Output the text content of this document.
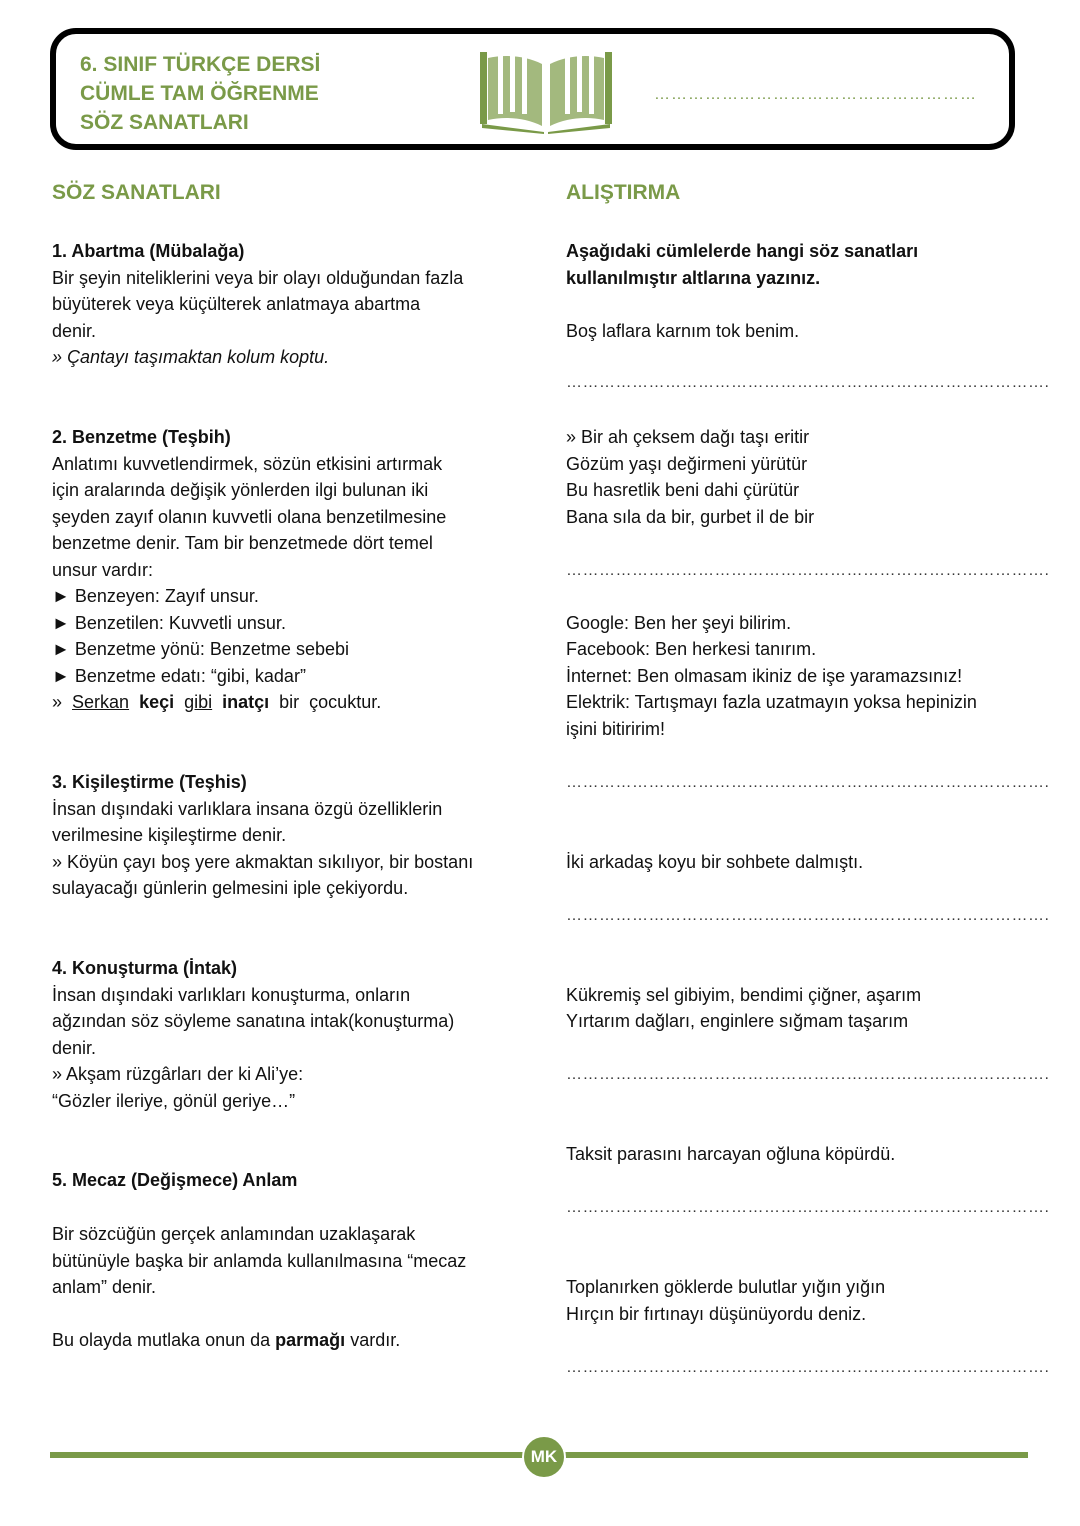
6. SINIF TÜRKÇE DERSİ
CÜMLE TAM ÖĞRENME
SÖZ SANATLARI
…………………………………………………
SÖZ SANATLARI
1. Abartma (Mübalağa)
Bir şeyin niteliklerini veya bir olayı olduğundan fazla
büyüterek veya küçülterek anlatmaya abartma
denir.
» Çantayı taşımaktan kolum koptu.
2. Benzetme (Teşbih)
Anlatımı kuvvetlendirmek, sözün etkisini artırmak
için aralarında değişik yönlerden ilgi bulunan iki
şeyden zayıf olanın kuvvetli olana benzetilmesine
benzetme denir. Tam bir benzetmede dört temel
unsur vardır:
► Benzeyen: Zayıf unsur.
► Benzetilen: Kuvvetli unsur.
► Benzetme yönü: Benzetme sebebi
► Benzetme edatı: “gibi, kadar”
» Serkan keçi gibi inatçı bir çocuktur.
3. Kişileştirme (Teşhis)
İnsan dışındaki varlıklara insana özgü özelliklerin
verilmesine kişileştirme denir.
» Köyün çayı boş yere akmaktan sıkılıyor, bir bostanı
sulayacağı günlerin gelmesini iple çekiyordu.
4. Konuşturma (İntak)
İnsan dışındaki varlıkları konuşturma, onların
ağzından söz söyleme sanatına intak(konuşturma)
denir.
» Akşam rüzgârları der ki Ali’ye:
“Gözler ileriye, gönül geriye…”
5. Mecaz (Değişmece) Anlam
Bir sözcüğün gerçek anlamından uzaklaşarak
bütünüyle başka bir anlamda kullanılmasına “mecaz
anlam” denir.
Bu olayda mutlaka onun da parmağı vardır.
ALIŞTIRMA
Aşağıdaki cümlelerde hangi söz sanatları
kullanılmıştır altlarına yazınız.
Boş laflara karnım tok benim.
…………………………………………………………………………….
» Bir ah çeksem dağı taşı eritir
Gözüm yaşı değirmeni yürütür
Bu hasretlik beni dahi çürütür
Bana sıla da bir, gurbet il de bir
…………………………………………………………………………….
Google: Ben her şeyi bilirim.
Facebook: Ben herkesi tanırım.
İnternet: Ben olmasam ikiniz de işe yaramazsınız!
Elektrik: Tartışmayı fazla uzatmayın yoksa hepinizin
işini bitiririm!
…………………………………………………………………………….
İki arkadaş koyu bir sohbete dalmıştı.
…………………………………………………………………………….
Kükremiş sel gibiyim, bendimi çiğner, aşarım
Yırtarım dağları, enginlere sığmam taşarım
…………………………………………………………………………….
Taksit parasını harcayan oğluna köpürdü.
…………………………………………………………………………….
Toplanırken göklerde bulutlar yığın yığın
Hırçın bir fırtınayı düşünüyordu deniz.
…………………………………………………………………………….
MK
